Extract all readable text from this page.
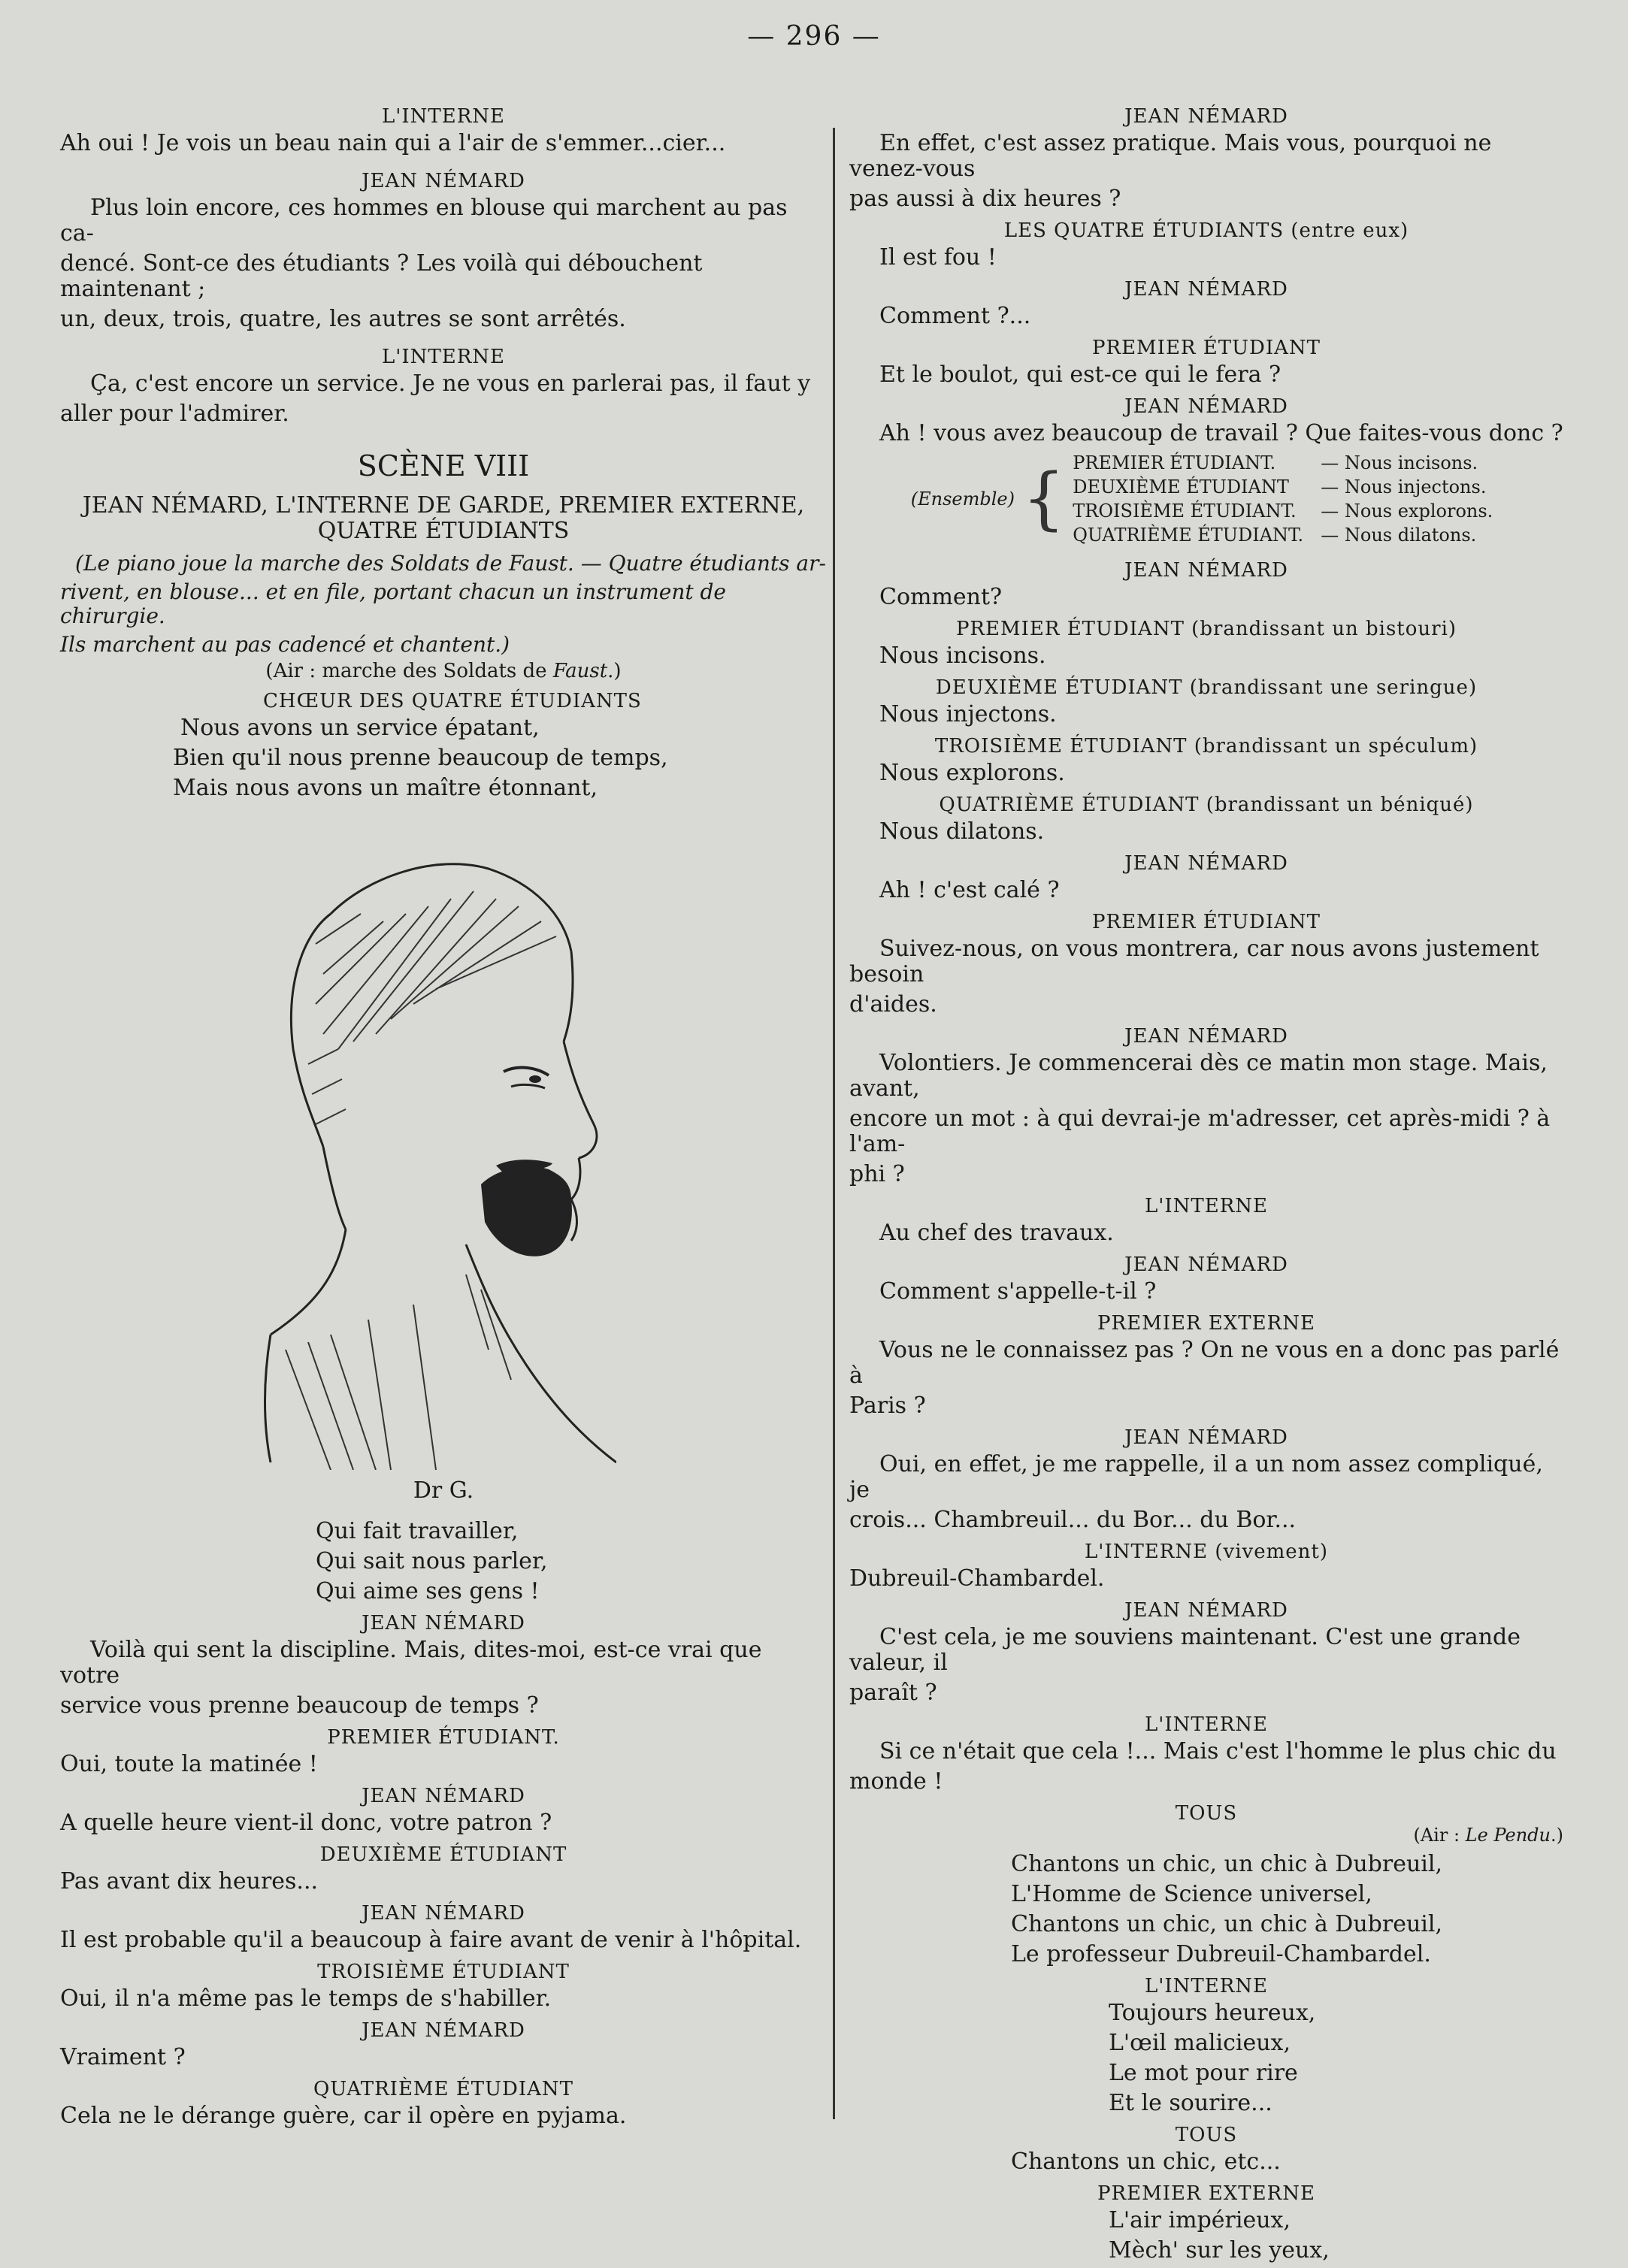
— 296 —
L'INTERNE

Ah oui ! Je vois un beau nain qui a l'air de s'emmer...cier...

JEAN NÉMARD

Plus loin encore, ces hommes en blouse qui marchent au pas ca-

dencé. Sont-ce des étudiants ? Les voilà qui débouchent maintenant ;

un, deux, trois, quatre, les autres se sont arrêtés.

L'INTERNE

Ça, c'est encore un service. Je ne vous en parlerai pas, il faut y

aller pour l'admirer.

SCÈNE VIII
JEAN NÉMARD, L'INTERNE DE GARDE, PREMIER EXTERNE,
QUATRE ÉTUDIANTS

(Le piano joue la marche des Soldats de Faust. — Quatre étudiants ar-

rivent, en blouse... et en file, portant chacun un instrument de chirurgie.

Ils marchent au pas cadencé et chantent.)

(Air : marche des Soldats de Faust.)
CHŒUR DES QUATRE ÉTUDIANTS

Nous avons un service épatant,

Bien qu'il nous prenne beaucoup de temps,

Mais nous avons un maître étonnant,

Dr G.

Qui fait travailler,

Qui sait nous parler,

Qui aime ses gens !

JEAN NÉMARD

Voilà qui sent la discipline. Mais, dites-moi, est-ce vrai que votre

service vous prenne beaucoup de temps ?

PREMIER ÉTUDIANT.

Oui, toute la matinée !

JEAN NÉMARD

A quelle heure vient-il donc, votre patron ?

DEUXIÈME ÉTUDIANT

Pas avant dix heures...

JEAN NÉMARD

Il est probable qu'il a beaucoup à faire avant de venir à l'hôpital.

TROISIÈME ÉTUDIANT

Oui, il n'a même pas le temps de s'habiller.

JEAN NÉMARD

Vraiment ?

QUATRIÈME ÉTUDIANT

Cela ne le dérange guère, car il opère en pyjama.

JEAN NÉMARD

En effet, c'est assez pratique. Mais vous, pourquoi ne venez-vous

pas aussi à dix heures ?

LES QUATRE ÉTUDIANTS (entre eux)

Il est fou !

JEAN NÉMARD

Comment ?...

PREMIER ÉTUDIANT

Et le boulot, qui est-ce qui le fera ?

JEAN NÉMARD

Ah ! vous avez beaucoup de travail ? Que faites-vous donc ?

(Ensemble) { PREMIER ÉTUDIANT.	— Nous incisons.
DEUXIÈME ÉTUDIANT	— Nous injectons.
TROISIÈME ÉTUDIANT.	— Nous explorons.
QUATRIÈME ÉTUDIANT. — Nous dilatons.
JEAN NÉMARD

Comment?

PREMIER ÉTUDIANT (brandissant un bistouri)

Nous incisons.

DEUXIÈME ÉTUDIANT (brandissant une seringue)

Nous injectons.

TROISIÈME ÉTUDIANT (brandissant un spéculum)

Nous explorons.

QUATRIÈME ÉTUDIANT (brandissant un béniqué)

Nous dilatons.

JEAN NÉMARD

Ah ! c'est calé ?

PREMIER ÉTUDIANT

Suivez-nous, on vous montrera, car nous avons justement besoin

d'aides.

JEAN NÉMARD

Volontiers. Je commencerai dès ce matin mon stage. Mais, avant,

encore un mot : à qui devrai-je m'adresser, cet après-midi ? à l'am-

phi ?

L'INTERNE

Au chef des travaux.

JEAN NÉMARD

Comment s'appelle-t-il ?

PREMIER EXTERNE

Vous ne le connaissez pas ? On ne vous en a donc pas parlé à

Paris ?

JEAN NÉMARD

Oui, en effet, je me rappelle, il a un nom assez compliqué, je

crois... Chambreuil... du Bor... du Bor...

L'INTERNE (vivement)

Dubreuil-Chambardel.

JEAN NÉMARD

C'est cela, je me souviens maintenant. C'est une grande valeur, il

paraît ?

L'INTERNE

Si ce n'était que cela !... Mais c'est l'homme le plus chic du

monde !

TOUS
(Air : Le Pendu.)

Chantons un chic, un chic à Dubreuil,

L'Homme de Science universel,

Chantons un chic, un chic à Dubreuil,

Le professeur Dubreuil-Chambardel.

L'INTERNE

Toujours heureux,

L'œil malicieux,

Le mot pour rire

Et le sourire...

TOUS

Chantons un chic, etc...

PREMIER EXTERNE

L'air impérieux,

Mèch' sur les yeux,
